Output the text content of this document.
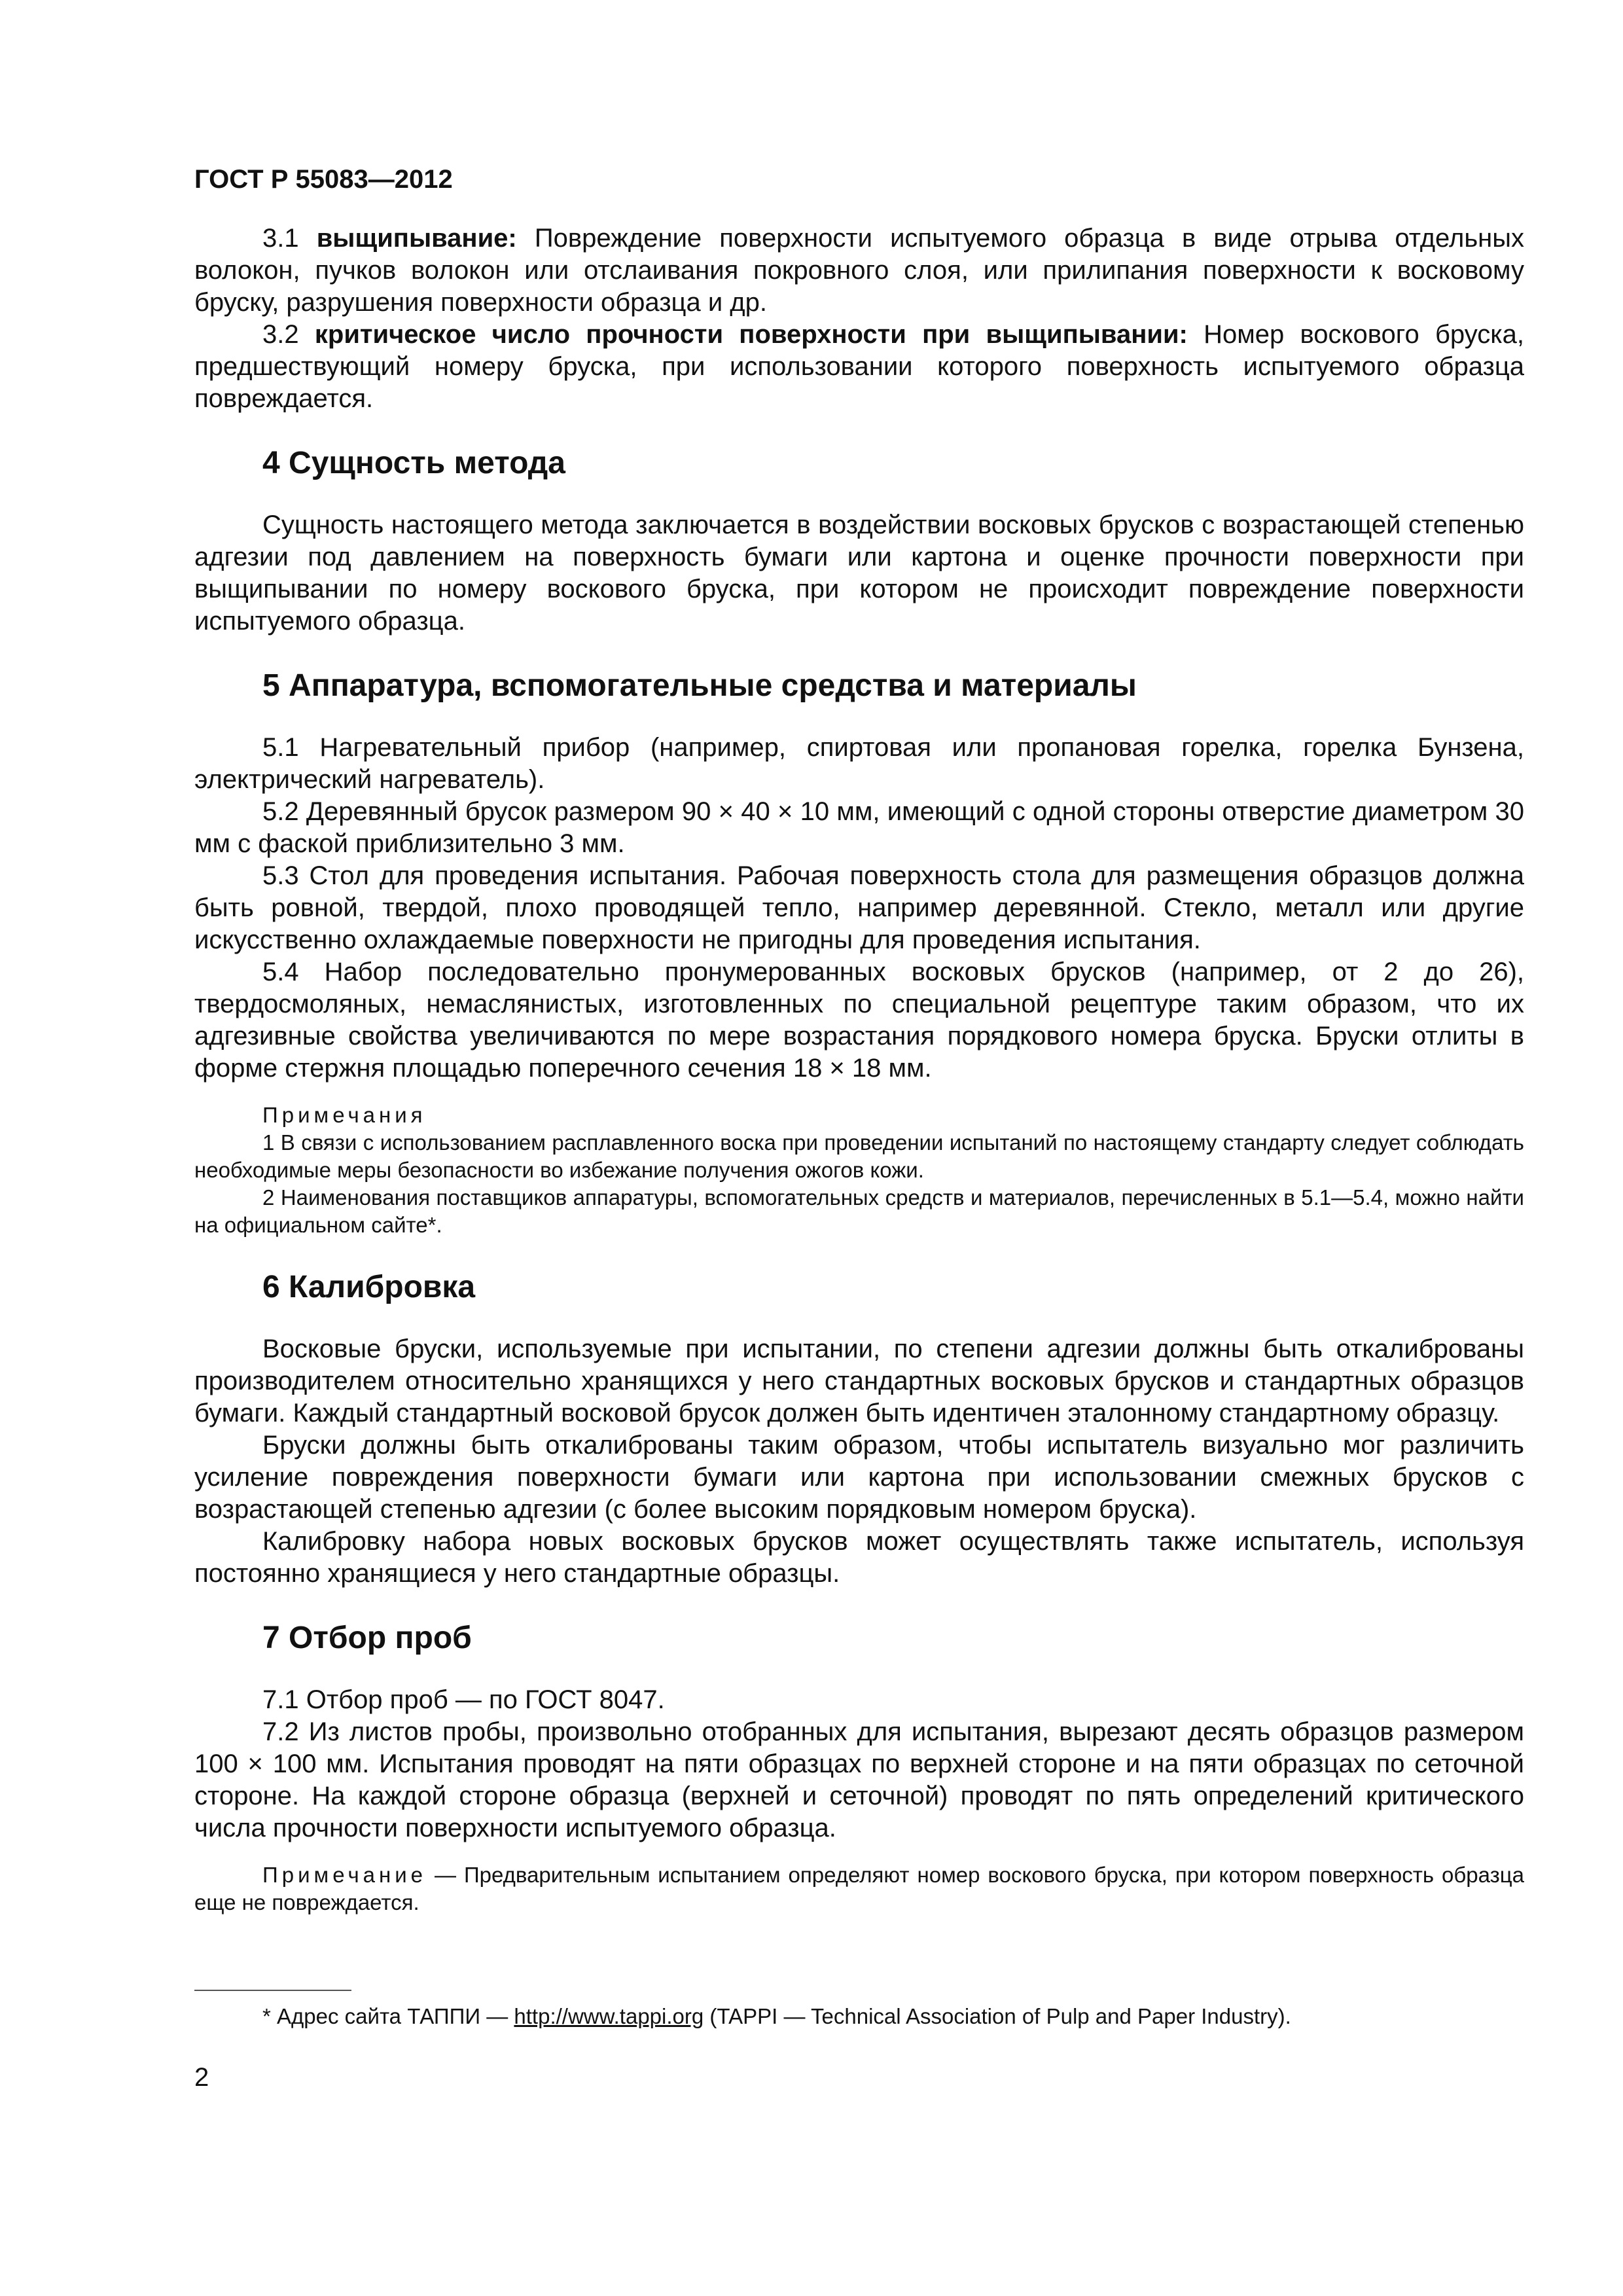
ГОСТ Р 55083—2012

3.1 выщипывание: Повреждение поверхности испытуемого образца в виде отрыва отдельных волокон, пучков волокон или отслаивания покровного слоя, или прилипания поверхности к восковому бруску, разрушения поверхности образца и др.

3.2 критическое число прочности поверхности при выщипывании: Номер воскового бруска, предшествующий номеру бруска, при использовании которого поверхность испытуемого образца повреждается.

4 Сущность метода

Сущность настоящего метода заключается в воздействии восковых брусков с возрастающей степенью адгезии под давлением на поверхность бумаги или картона и оценке прочности поверхности при выщипывании по номеру воскового бруска, при котором не происходит повреждение поверхности испытуемого образца.

5 Аппаратура, вспомогательные средства и материалы

5.1 Нагревательный прибор (например, спиртовая или пропановая горелка, горелка Бунзена, электрический нагреватель).

5.2 Деревянный брусок размером 90 × 40 × 10 мм, имеющий с одной стороны отверстие диаметром 30 мм с фаской приблизительно 3 мм.

5.3 Стол для проведения испытания. Рабочая поверхность стола для размещения образцов должна быть ровной, твердой, плохо проводящей тепло, например деревянной. Стекло, металл или другие искусственно охлаждаемые поверхности не пригодны для проведения испытания.

5.4 Набор последовательно пронумерованных восковых брусков (например, от 2 до 26), твердосмоляных, немаслянистых, изготовленных по специальной рецептуре таким образом, что их адгезивные свойства увеличиваются по мере возрастания порядкового номера бруска. Бруски отлиты в форме стержня площадью поперечного сечения 18 × 18 мм.

Примечания
1 В связи с использованием расплавленного воска при проведении испытаний по настоящему стандарту следует соблюдать необходимые меры безопасности во избежание получения ожогов кожи.
2 Наименования поставщиков аппаратуры, вспомогательных средств и материалов, перечисленных в 5.1—5.4, можно найти на официальном сайте*.
6 Калибровка

Восковые бруски, используемые при испытании, по степени адгезии должны быть откалиброваны производителем относительно хранящихся у него стандартных восковых брусков и стандартных образцов бумаги. Каждый стандартный восковой брусок должен быть идентичен эталонному стандартному образцу.

Бруски должны быть откалиброваны таким образом, чтобы испытатель визуально мог различить усиление повреждения поверхности бумаги или картона при использовании смежных брусков с возрастающей степенью адгезии (с более высоким порядковым номером бруска).

Калибровку набора новых восковых брусков может осуществлять также испытатель, используя постоянно хранящиеся у него стандартные образцы.

7 Отбор проб

7.1 Отбор проб — по ГОСТ 8047.

7.2 Из листов пробы, произвольно отобранных для испытания, вырезают десять образцов размером 100 × 100 мм. Испытания проводят на пяти образцах по верхней стороне и на пяти образцах по сеточной стороне. На каждой стороне образца (верхней и сеточной) проводят по пять определений критического числа прочности поверхности испытуемого образца.

Примечание — Предварительным испытанием определяют номер воскового бруска, при котором поверхность образца еще не повреждается.
* Адрес сайта ТАППИ — http://www.tappi.org (TAPPI — Technical Association of Pulp and Paper Industry).
2
